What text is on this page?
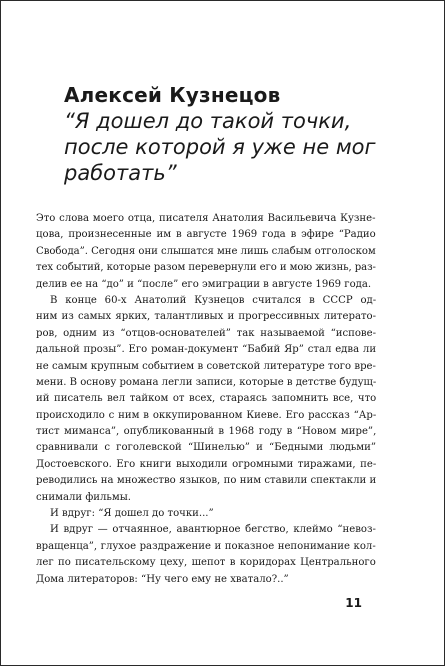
Алексей Кузнецов
“Я дошел до такой точки,
после которой я уже не мог
работать”
Это слова моего отца, писателя Анатолия Васильевича Кузне-
цова, произнесенные им в августе 1969 года в эфире “Радио
Свобода”. Сегодня они слышатся мне лишь слабым отголоском
тех событий, которые разом перевернули его и мою жизнь, раз-
делив ее на “до” и “после” его эмиграции в августе 1969 года.
В конце 60-х Анатолий Кузнецов считался в СССР од-
ним из самых ярких, талантливых и прогрессивных литерато-
ров, одним из “отцов-основателей” так называемой “исповe-
дальной прозы”. Его роман-документ “Бабий Яр” стал едва ли
не самым крупным событием в советской литературе того вре-
мени. В основу романа легли записи, которые в детстве будущ-
ий писатель вел тайком от всех, стараясь запомнить все, что
происходило с ним в оккупированном Киеве. Его рассказ “Ар-
тист миманса”, опубликованный в 1968 году в “Новом мире”,
сравнивали с гоголевской “Шинелью” и “Бедными людьми”
Достоевского. Его книги выходили огромными тиражами, пе-
реводились на множество языков, по ним ставили спектакли и
снимали фильмы.
И вдруг: “Я дошел до точки...”
И вдруг — отчаянное, авантюрное бегство, клеймо “невоз-
вращенца”, глухое раздражение и показное непонимание кол-
лег по писательскому цеху, шепот в коридорах Центрального
Дома литераторов: “Ну чего ему не хватало?..”
11
